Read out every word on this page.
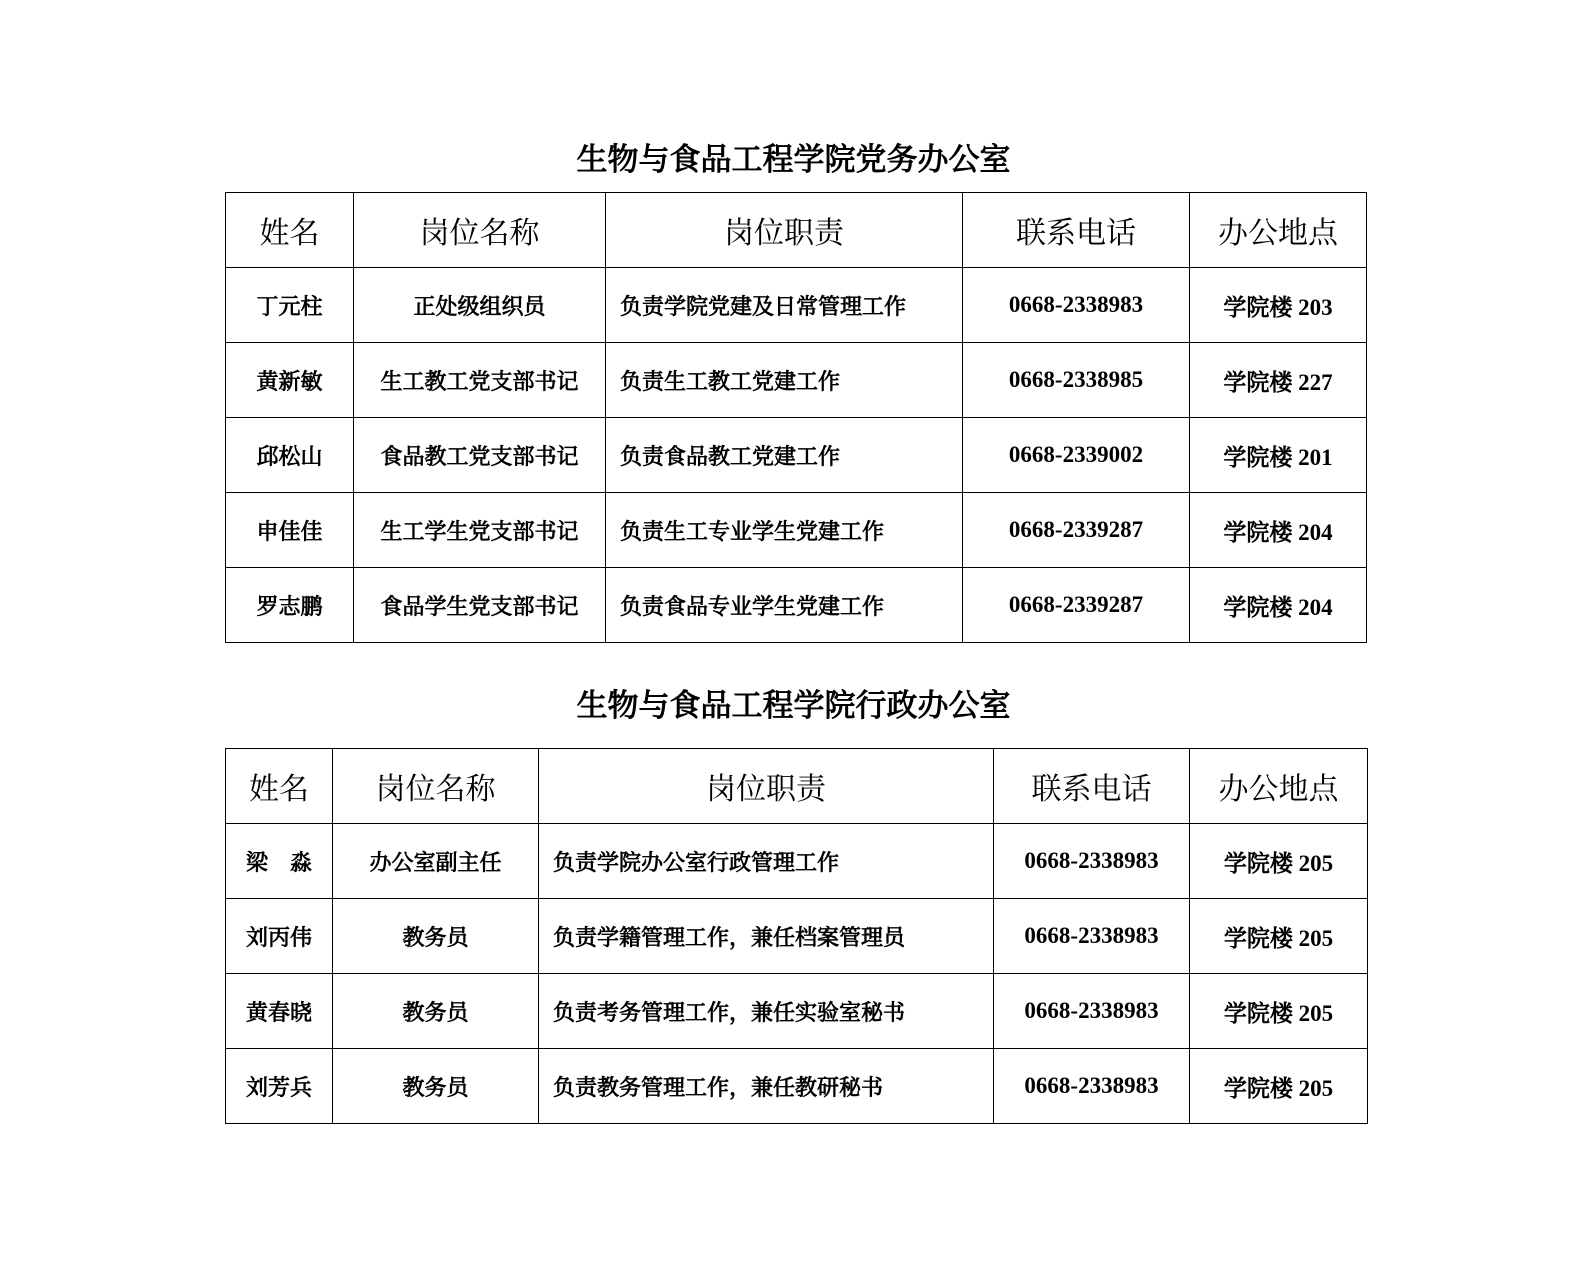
生物与食品工程学院党务办公室
姓名	岗位名称	岗位职责	联系电话	办公地点
丁元柱	正处级组织员	负责学院党建及日常管理工作	0668-2338983	学院楼 203
黄新敏	生工教工党支部书记	负责生工教工党建工作	0668-2338985	学院楼 227
邱松山	食品教工党支部书记	负责食品教工党建工作	0668-2339002	学院楼 201
申佳佳	生工学生党支部书记	负责生工专业学生党建工作	0668-2339287	学院楼 204
罗志鹏	食品学生党支部书记	负责食品专业学生党建工作	0668-2339287	学院楼 204
生物与食品工程学院行政办公室
姓名	岗位名称	岗位职责	联系电话	办公地点
梁　淼	办公室副主任	负责学院办公室行政管理工作	0668-2338983	学院楼 205
刘丙伟	教务员	负责学籍管理工作，兼任档案管理员	0668-2338983	学院楼 205
黄春晓	教务员	负责考务管理工作，兼任实验室秘书	0668-2338983	学院楼 205
刘芳兵	教务员	负责教务管理工作，兼任教研秘书	0668-2338983	学院楼 205
